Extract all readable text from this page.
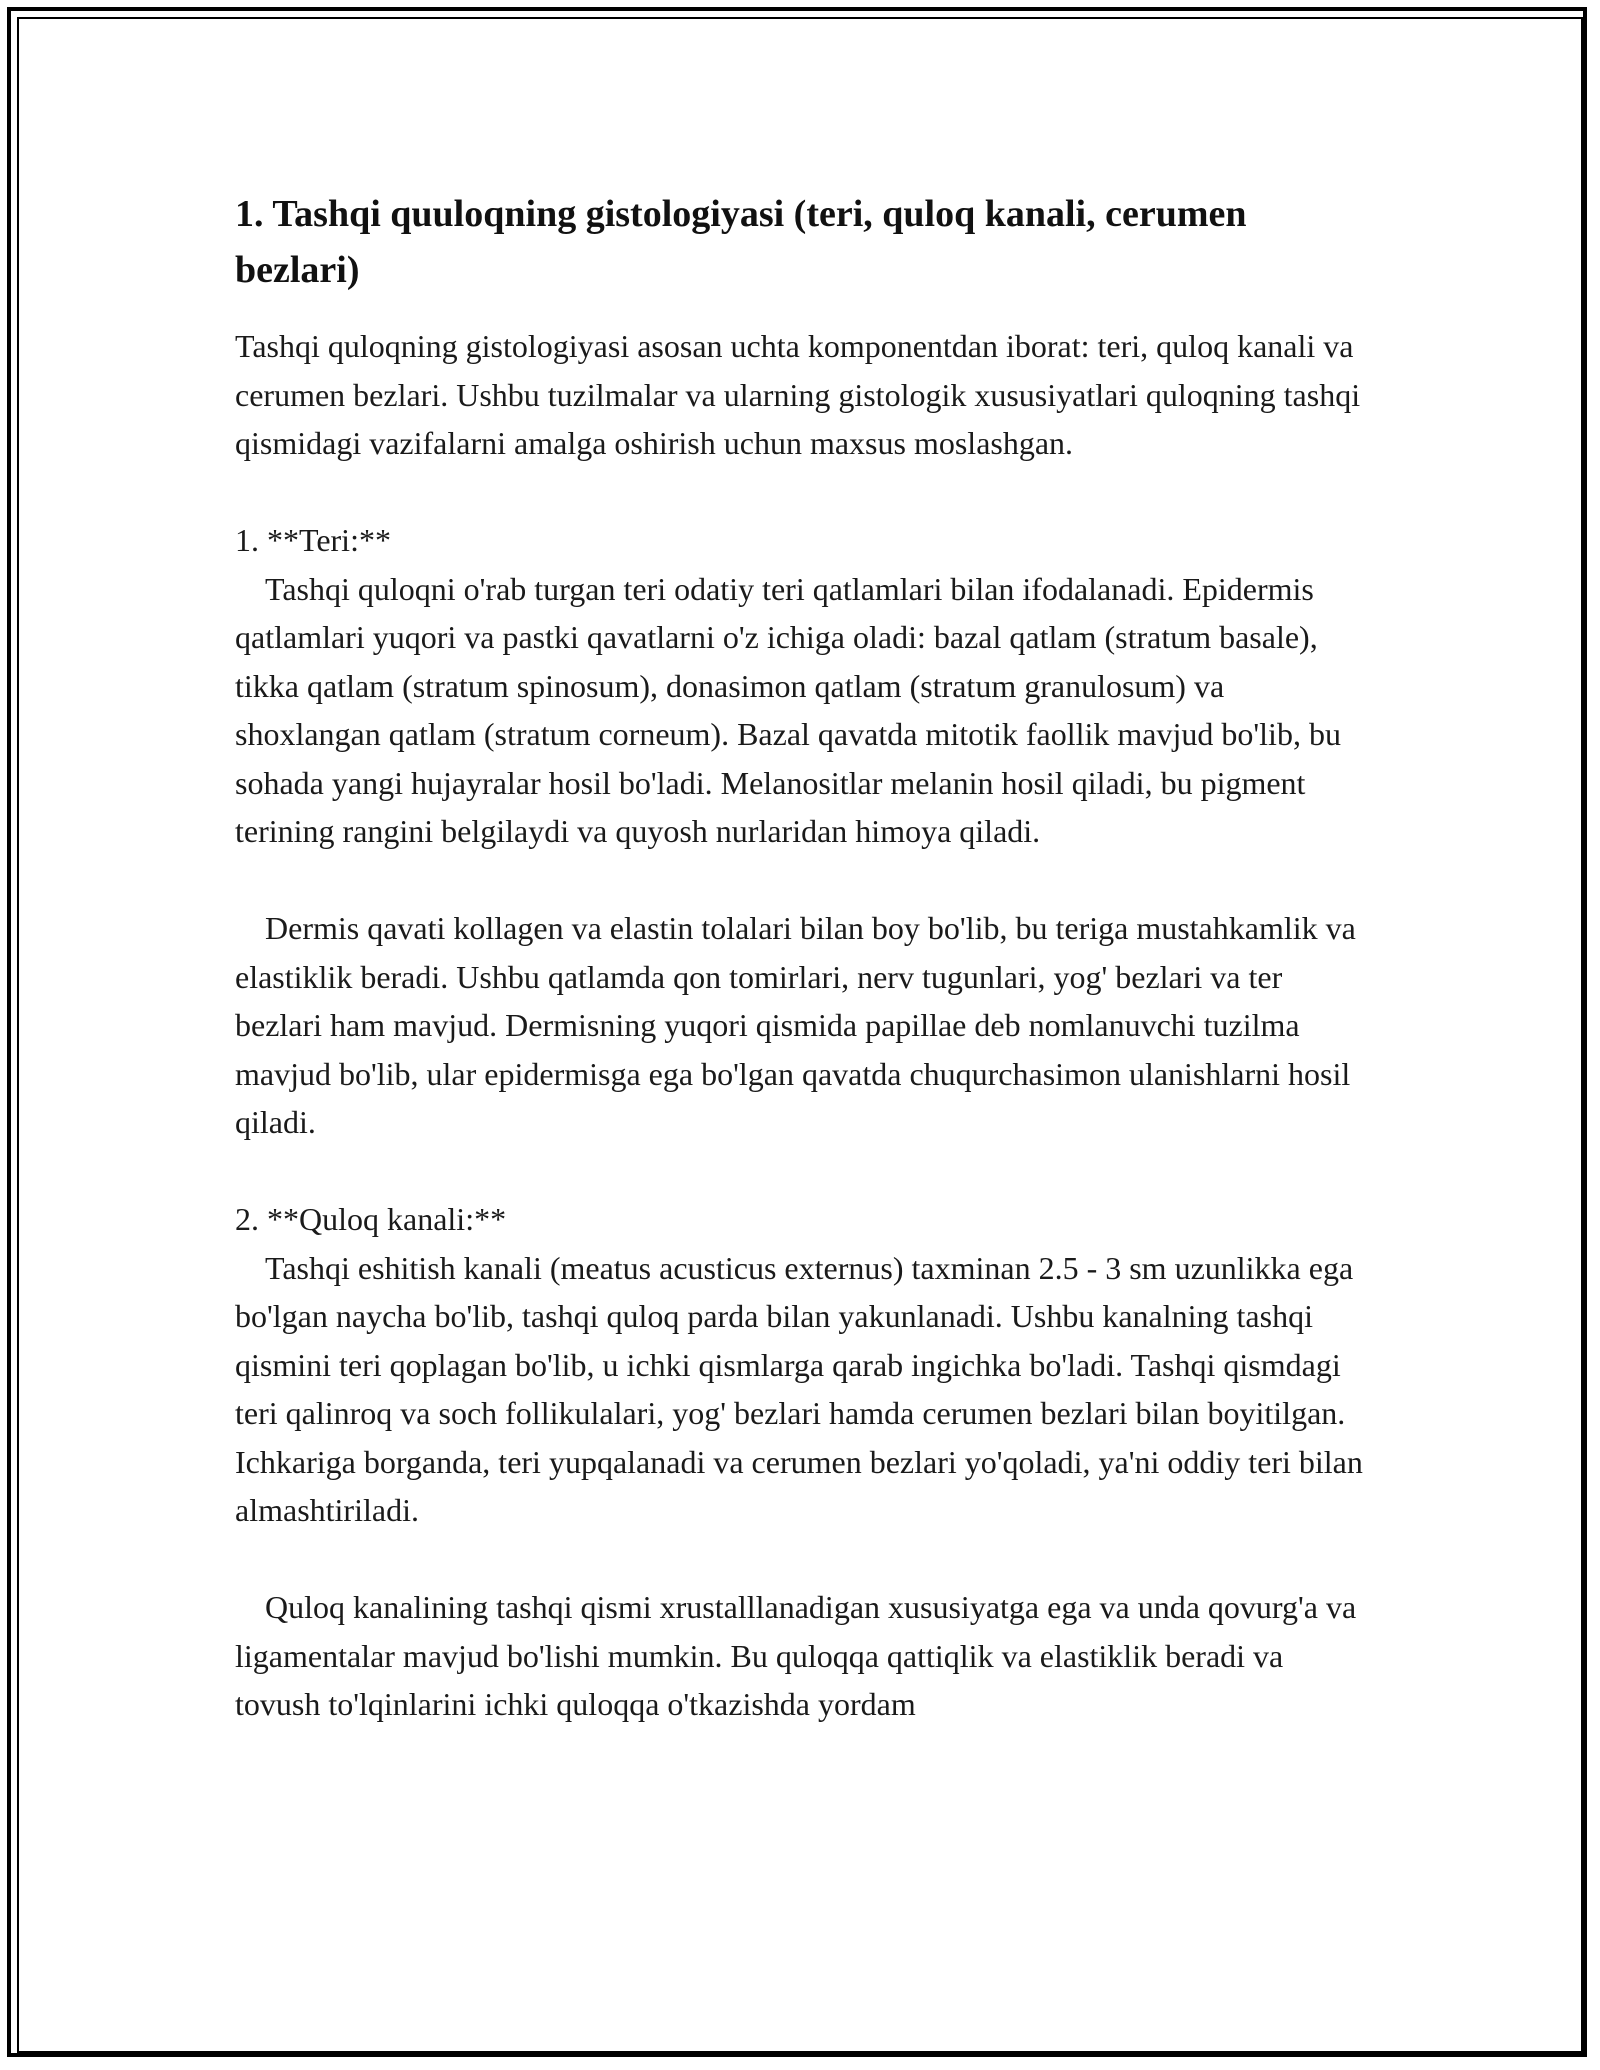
1. Tashqi quuloqning gistologiyasi (teri, quloq kanali, cerumen bezlari)

Tashqi quloqning gistologiyasi asosan uchta komponentdan iborat: teri, quloq kanali va cerumen bezlari. Ushbu tuzilmalar va ularning gistologik xususiyatlari quloqning tashqi qismidagi vazifalarni amalga oshirish uchun maxsus moslashgan.

1. **Teri:**

Tashqi quloqni o'rab turgan teri odatiy teri qatlamlari bilan ifodalanadi. Epidermis qatlamlari yuqori va pastki qavatlarni o'z ichiga oladi: bazal qatlam (stratum basale), tikka qatlam (stratum spinosum), donasimon qatlam (stratum granulosum) va shoxlangan qatlam (stratum corneum). Bazal qavatda mitotik faollik mavjud bo'lib, bu sohada yangi hujayralar hosil bo'ladi. Melanositlar melanin hosil qiladi, bu pigment terining rangini belgilaydi va quyosh nurlaridan himoya qiladi.

Dermis qavati kollagen va elastin tolalari bilan boy bo'lib, bu teriga mustahkamlik va elastiklik beradi. Ushbu qatlamda qon tomirlari, nerv tugunlari, yog' bezlari va ter bezlari ham mavjud. Dermisning yuqori qismida papillae deb nomlanuvchi tuzilma mavjud bo'lib, ular epidermisga ega bo'lgan qavatda chuqurchasimon ulanishlarni hosil qiladi.

2. **Quloq kanali:**

Tashqi eshitish kanali (meatus acusticus externus) taxminan 2.5 - 3 sm uzunlikka ega bo'lgan naycha bo'lib, tashqi quloq parda bilan yakunlanadi. Ushbu kanalning tashqi qismini teri qoplagan bo'lib, u ichki qismlarga qarab ingichka bo'ladi. Tashqi qismdagi teri qalinroq va soch follikulalari, yog' bezlari hamda cerumen bezlari bilan boyitilgan. Ichkariga borganda, teri yupqalanadi va cerumen bezlari yo'qoladi, ya'ni oddiy teri bilan almashtiriladi.

Quloq kanalining tashqi qismi xrustalllanadigan xususiyatga ega va unda qovurg'a va ligamentalar mavjud bo'lishi mumkin. Bu quloqqa qattiqlik va elastiklik beradi va tovush to'lqinlarini ichki quloqqa o'tkazishda yordam
